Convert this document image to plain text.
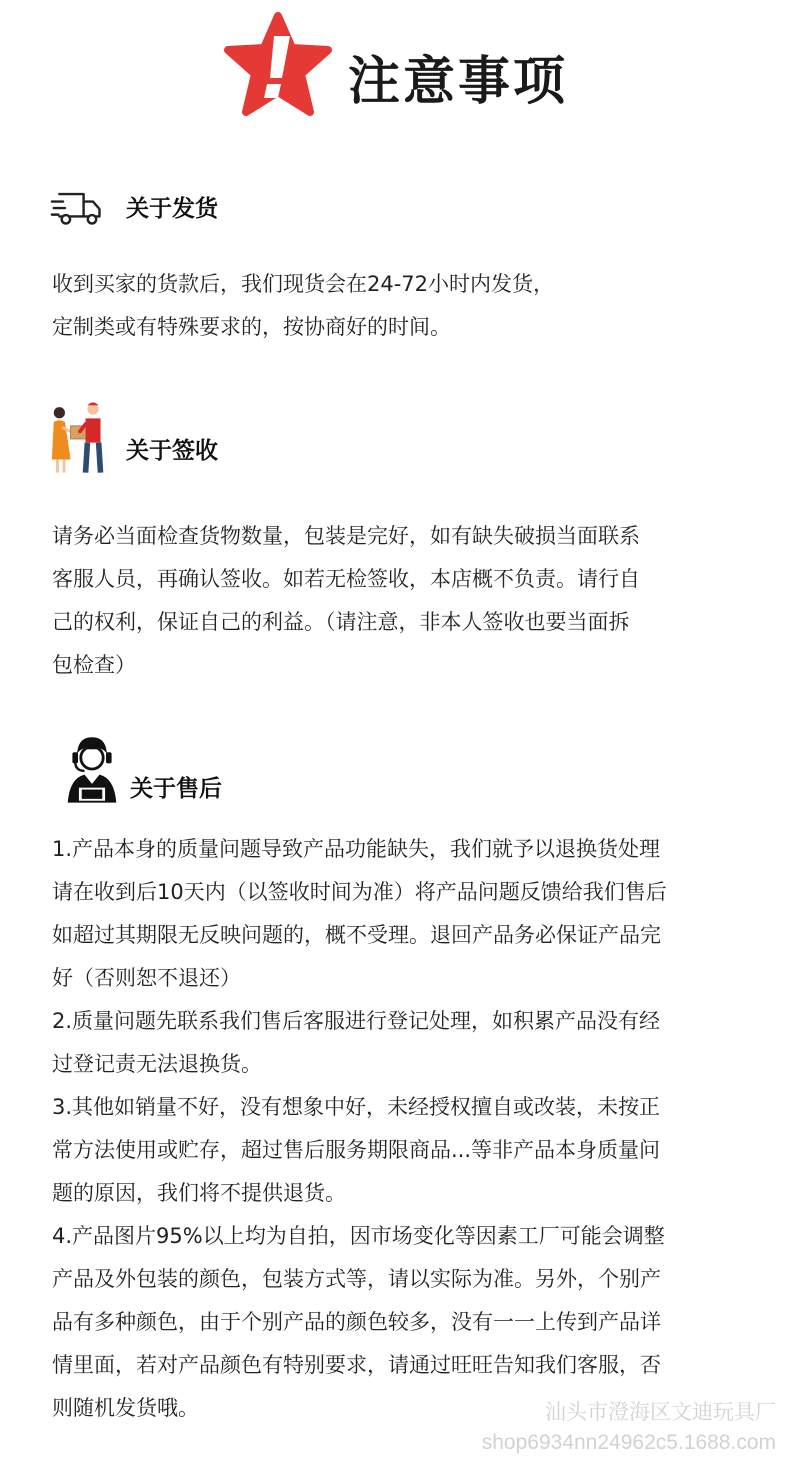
注意事项
关于发货

收到买家的货款后，我们现货会在24-72小时内发货，

定制类或有特殊要求的，按协商好的时间。

关于签收

请务必当面检查货物数量，包装是完好，如有缺失破损当面联系

客服人员，再确认签收。如若无检签收，本店概不负责。请行自

己的权利，保证自己的利益。（请注意，非本人签收也要当面拆

包检查）

关于售后

1.产品本身的质量问题导致产品功能缺失，我们就予以退换货处理

请在收到后10天内（以签收时间为准）将产品问题反馈给我们售后

如超过其期限无反映问题的，概不受理。退回产品务必保证产品完

好（否则恕不退还）

2.质量问题先联系我们售后客服进行登记处理，如积累产品没有经

过登记责无法退换货。

3.其他如销量不好，没有想象中好，未经授权擅自或改装，未按正

常方法使用或贮存，超过售后服务期限商品...等非产品本身质量问

题的原因，我们将不提供退货。

4.产品图片95%以上均为自拍，因市场变化等因素工厂可能会调整

产品及外包装的颜色，包装方式等，请以实际为准。另外，个别产

品有多种颜色，由于个别产品的颜色较多，没有一一上传到产品详

情里面，若对产品颜色有特别要求，请通过旺旺告知我们客服，否

则随机发货哦。	汕头市澄海区文迪玩具厂
shop6934nn24962c5.1688.com
